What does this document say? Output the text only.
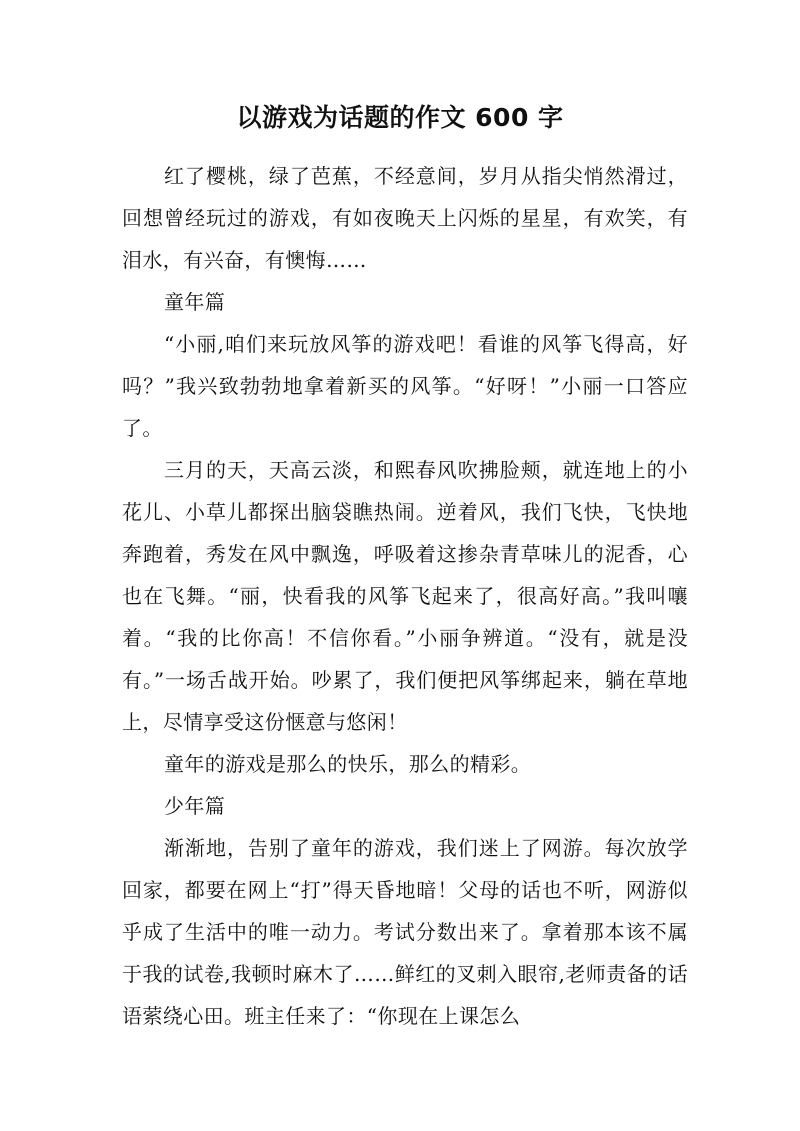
以游戏为话题的作文 600 字

红了樱桃，绿了芭蕉，不经意间，岁月从指尖悄然滑过，回想曾经玩过的游戏，有如夜晚天上闪烁的星星，有欢笑，有泪水，有兴奋，有懊悔……

童年篇

“小丽,咱们来玩放风筝的游戏吧！看谁的风筝飞得高，好吗？”我兴致勃勃地拿着新买的风筝。“好呀！”小丽一口答应了。

三月的天，天高云淡，和熙春风吹拂脸颊，就连地上的小花儿、小草儿都探出脑袋瞧热闹。逆着风，我们飞快，飞快地奔跑着，秀发在风中飘逸，呼吸着这掺杂青草味儿的泥香，心也在飞舞。“丽，快看我的风筝飞起来了，很高好高。”我叫嚷着。“我的比你高！不信你看。”小丽争辨道。“没有，就是没有。”一场舌战开始。吵累了，我们便把风筝绑起来，躺在草地上，尽情享受这份惬意与悠闲！

童年的游戏是那么的快乐，那么的精彩。

少年篇

渐渐地，告别了童年的游戏，我们迷上了网游。每次放学回家，都要在网上“打”得天昏地暗！父母的话也不听，网游似乎成了生活中的唯一动力。考试分数出来了。拿着那本该不属于我的试卷,我顿时麻木了……鲜红的叉刺入眼帘,老师责备的话语萦绕心田。班主任来了：“你现在上课怎么
